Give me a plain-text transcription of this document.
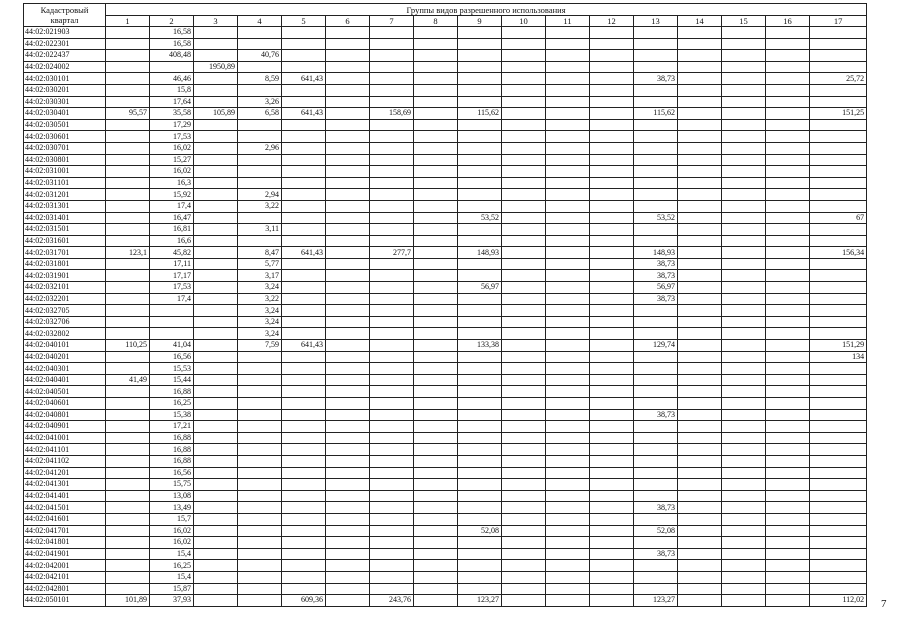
Кадастровый
квартал	Группы видов разрешенного использования																
	1	2	3	4	5	6	7	8	9	10	11	12	13	14	15	16	17
44:02:021903		16,58															
44:02:022301		16,58															
44:02:022437		408,48		40,76													
44:02:024002			1950,89														
44:02:030101		46,46		8,59	641,43								38,73				25,72
44:02:030201		15,8															
44:02:030301		17,64		3,26													
44:02:030401	95,57	35,58	105,89	6,58	641,43		158,69		115,62				115,62				151,25
44:02:030501		17,29															
44:02:030601		17,53															
44:02:030701		16,02		2,96													
44:02:030801		15,27															
44:02:031001		16,02															
44:02:031101		16,3															
44:02:031201		15,92		2,94													
44:02:031301		17,4		3,22													
44:02:031401		16,47							53,52				53,52				67
44:02:031501		16,81		3,11													
44:02:031601		16,6															
44:02:031701	123,1	45,82		8,47	641,43		277,7		148,93				148,93				156,34
44:02:031801		17,11		5,77									38,73				
44:02:031901		17,17		3,17									38,73				
44:02:032101		17,53		3,24					56,97				56,97				
44:02:032201		17,4		3,22									38,73				
44:02:032705				3,24													
44:02:032706				3,24													
44:02:032802				3,24													
44:02:040101	110,25	41,04		7,59	641,43				133,38				129,74				151,29
44:02:040201		16,56															134
44:02:040301		15,53															
44:02:040401	41,49	15,44															
44:02:040501		16,88															
44:02:040601		16,25															
44:02:040801		15,38											38,73				
44:02:040901		17,21															
44:02:041001		16,88															
44:02:041101		16,88															
44:02:041102		16,88															
44:02:041201		16,56															
44:02:041301		15,75															
44:02:041401		13,08															
44:02:041501		13,49											38,73				
44:02:041601		15,7															
44:02:041701		16,02							52,08				52,08				
44:02:041801		16,02															
44:02:041901		15,4											38,73				
44:02:042001		16,25															
44:02:042101		15,4															
44:02:042801		15,87															
44:02:050101	101,89	37,93			609,36		243,76		123,27				123,27				112,02 7
